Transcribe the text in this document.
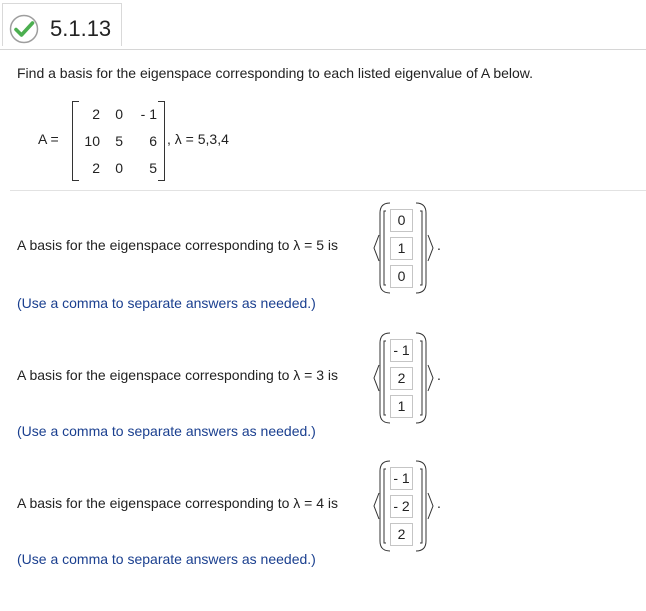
5.1.13
Find a basis for the eigenspace corresponding to each listed eigenvalue of A below.
A =
2	0	- 1
10	5	6
2	0	5
, λ = 5,3,4
A basis for the eigenspace corresponding to λ = 5 is
0
1
0
.
(Use a comma to separate answers as needed.)
A basis for the eigenspace corresponding to λ = 3 is
- 1
2
1
.
(Use a comma to separate answers as needed.)
A basis for the eigenspace corresponding to λ = 4 is
- 1
- 2
2
.
(Use a comma to separate answers as needed.)
